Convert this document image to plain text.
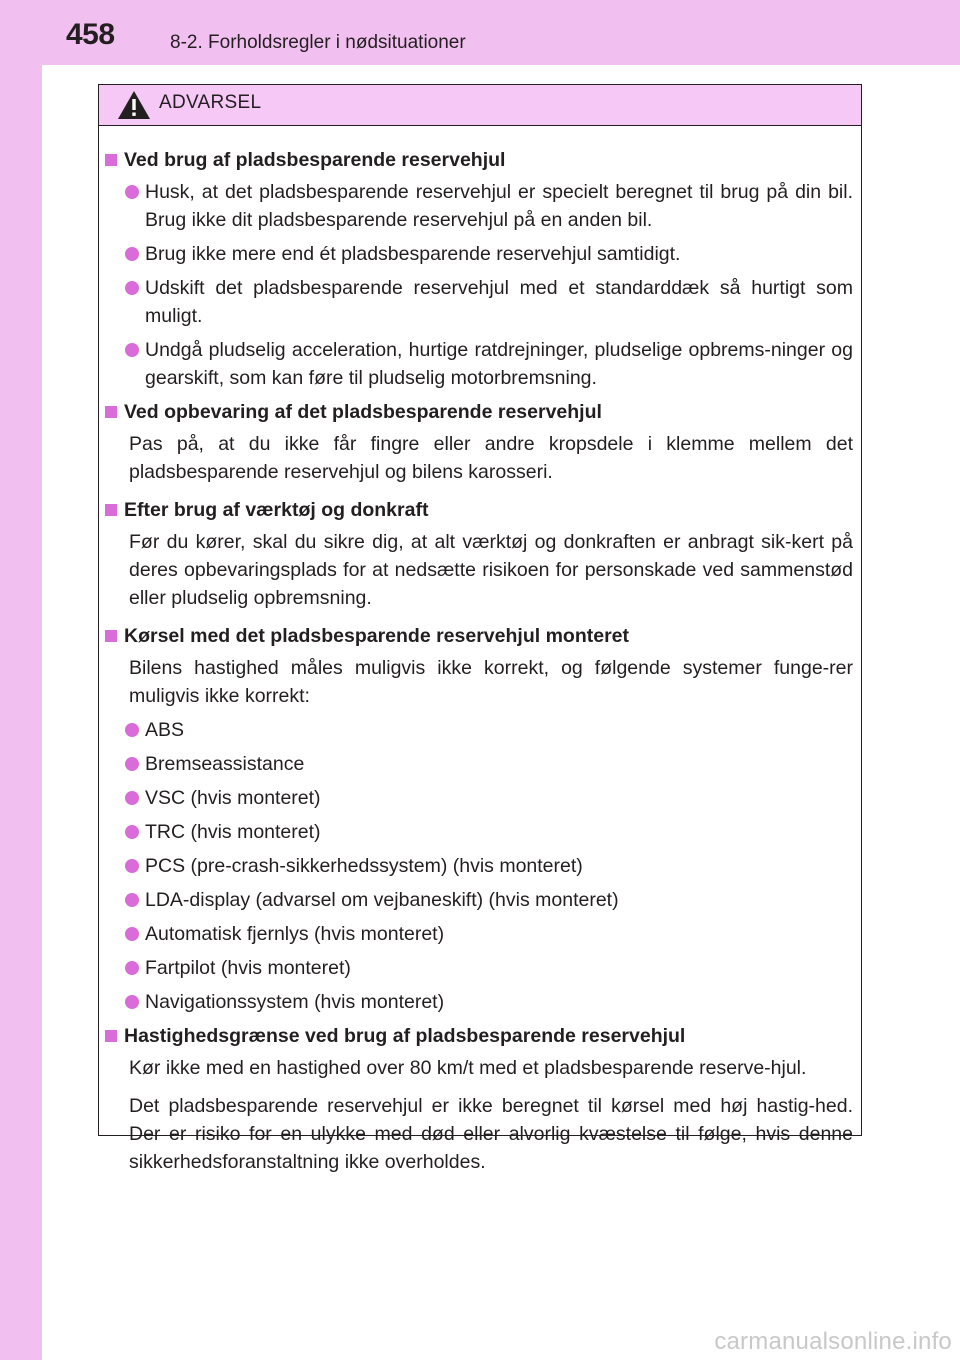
458	8-2. Forholdsregler i nødsituationer
ADVARSEL
Ved brug af pladsbesparende reservehjul
Husk, at det pladsbesparende reservehjul er specielt beregnet til brug på din bil. Brug ikke dit pladsbesparende reservehjul på en anden bil.
Brug ikke mere end ét pladsbesparende reservehjul samtidigt.
Udskift det pladsbesparende reservehjul med et standarddæk så hurtigt som muligt.
Undgå pludselig acceleration, hurtige ratdrejninger, pludselige opbrems-ninger og gearskift, som kan føre til pludselig motorbremsning.
Ved opbevaring af det pladsbesparende reservehjul
Pas på, at du ikke får fingre eller andre kropsdele i klemme mellem det pladsbesparende reservehjul og bilens karosseri.
Efter brug af værktøj og donkraft
Før du kører, skal du sikre dig, at alt værktøj og donkraften er anbragt sik-kert på deres opbevaringsplads for at nedsætte risikoen for personskade ved sammenstød eller pludselig opbremsning.
Kørsel med det pladsbesparende reservehjul monteret
Bilens hastighed måles muligvis ikke korrekt, og følgende systemer funge-rer muligvis ikke korrekt:
ABS
Bremseassistance
VSC (hvis monteret)
TRC (hvis monteret)
PCS (pre-crash-sikkerhedssystem) (hvis monteret)
LDA-display (advarsel om vejbaneskift) (hvis monteret)
Automatisk fjernlys (hvis monteret)
Fartpilot (hvis monteret)
Navigationssystem (hvis monteret)
Hastighedsgrænse ved brug af pladsbesparende reservehjul
Kør ikke med en hastighed over 80 km/t med et pladsbesparende reserve-hjul.
Det pladsbesparende reservehjul er ikke beregnet til kørsel med høj hastig-hed. Der er risiko for en ulykke med død eller alvorlig kvæstelse til følge, hvis denne sikkerhedsforanstaltning ikke overholdes.
carmanualsonline.info
